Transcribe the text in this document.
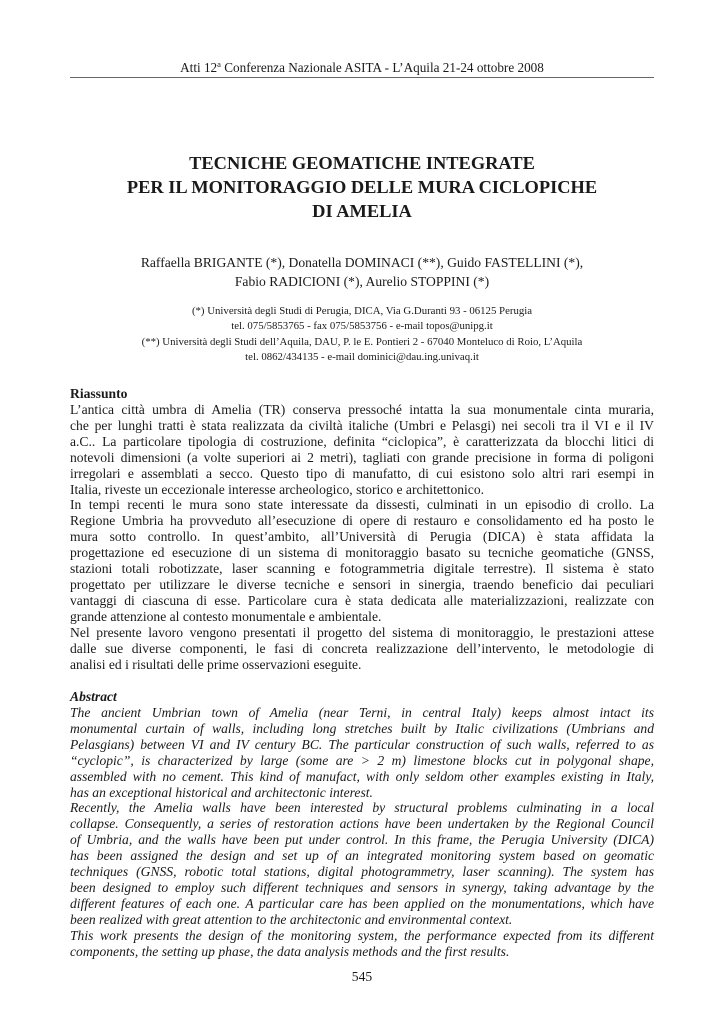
Atti 12$^a$ Conferenza Nazionale ASITA - L’Aquila 21-24 ottobre 2008
TECNICHE GEOMATICHE INTEGRATE
PER IL MONITORAGGIO DELLE MURA CICLOPICHE
DI AMELIA
Raffaella BRIGANTE (*), Donatella DOMINACI (**), Guido FASTELLINI (*),
Fabio RADICIONI (*), Aurelio STOPPINI (*)
(*) Università degli Studi di Perugia, DICA, Via G.Duranti 93 - 06125 Perugia
tel. 075/5853765 - fax 075/5853756 - e-mail topos@unipg.it
(**) Università degli Studi dell’Aquila, DAU, P. le E. Pontieri 2 - 67040 Monteluco di Roio, L’Aquila
tel. 0862/434135 - e-mail dominici@dau.ing.univaq.it
Riassunto

L’antica città umbra di Amelia (TR) conserva pressoché intatta la sua monumentale cinta muraria,
che per lunghi tratti è stata realizzata da civiltà italiche (Umbri e Pelasgi) nei secoli tra il VI e il IV
a.C.. La particolare tipologia di costruzione, definita “ciclopica”, è caratterizzata da blocchi litici di
notevoli dimensioni (a volte superiori ai 2 metri), tagliati con grande precisione in forma di poligoni
irregolari e assemblati a secco. Questo tipo di manufatto, di cui esistono solo altri rari esempi in
Italia, riveste un eccezionale interesse archeologico, storico e architettonico.

In tempi recenti le mura sono state interessate da dissesti, culminati in un episodio di crollo. La
Regione Umbria ha provveduto all’esecuzione di opere di restauro e consolidamento ed ha posto le
mura sotto controllo. In quest’ambito, all’Università di Perugia (DICA) è stata affidata la
progettazione ed esecuzione di un sistema di monitoraggio basato su tecniche geomatiche (GNSS,
stazioni totali robotizzate, laser scanning e fotogrammetria digitale terrestre). Il sistema è stato
progettato per utilizzare le diverse tecniche e sensori in sinergia, traendo beneficio dai peculiari
vantaggi di ciascuna di esse. Particolare cura è stata dedicata alle materializzazioni, realizzate con
grande attenzione al contesto monumentale e ambientale.

Nel presente lavoro vengono presentati il progetto del sistema di monitoraggio, le prestazioni attese
dalle sue diverse componenti, le fasi di concreta realizzazione dell’intervento, le metodologie di
analisi ed i risultati delle prime osservazioni eseguite.

Abstract

The ancient Umbrian town of Amelia (near Terni, in central Italy) keeps almost intact its
monumental curtain of walls, including long stretches built by Italic civilizations (Umbrians and
Pelasgians) between VI and IV century BC. The particular construction of such walls, referred to as
“cyclopic”, is characterized by large (some are > 2 m) limestone blocks cut in polygonal shape,
assembled with no cement. This kind of manufact, with only seldom other examples existing in Italy,
has an exceptional historical and architectonic interest.

Recently, the Amelia walls have been interested by structural problems culminating in a local
collapse. Consequently, a series of restoration actions have been undertaken by the Regional Council
of Umbria, and the walls have been put under control. In this frame, the Perugia University (DICA)
has been assigned the design and set up of an integrated monitoring system based on geomatic
techniques (GNSS, robotic total stations, digital photogrammetry, laser scanning). The system has
been designed to employ such different techniques and sensors in synergy, taking advantage by the
different features of each one. A particular care has been applied on the monumentations, which have
been realized with great attention to the architectonic and environmental context.

This work presents the design of the monitoring system, the performance expected from its different
components, the setting up phase, the data analysis methods and the first results.

545
